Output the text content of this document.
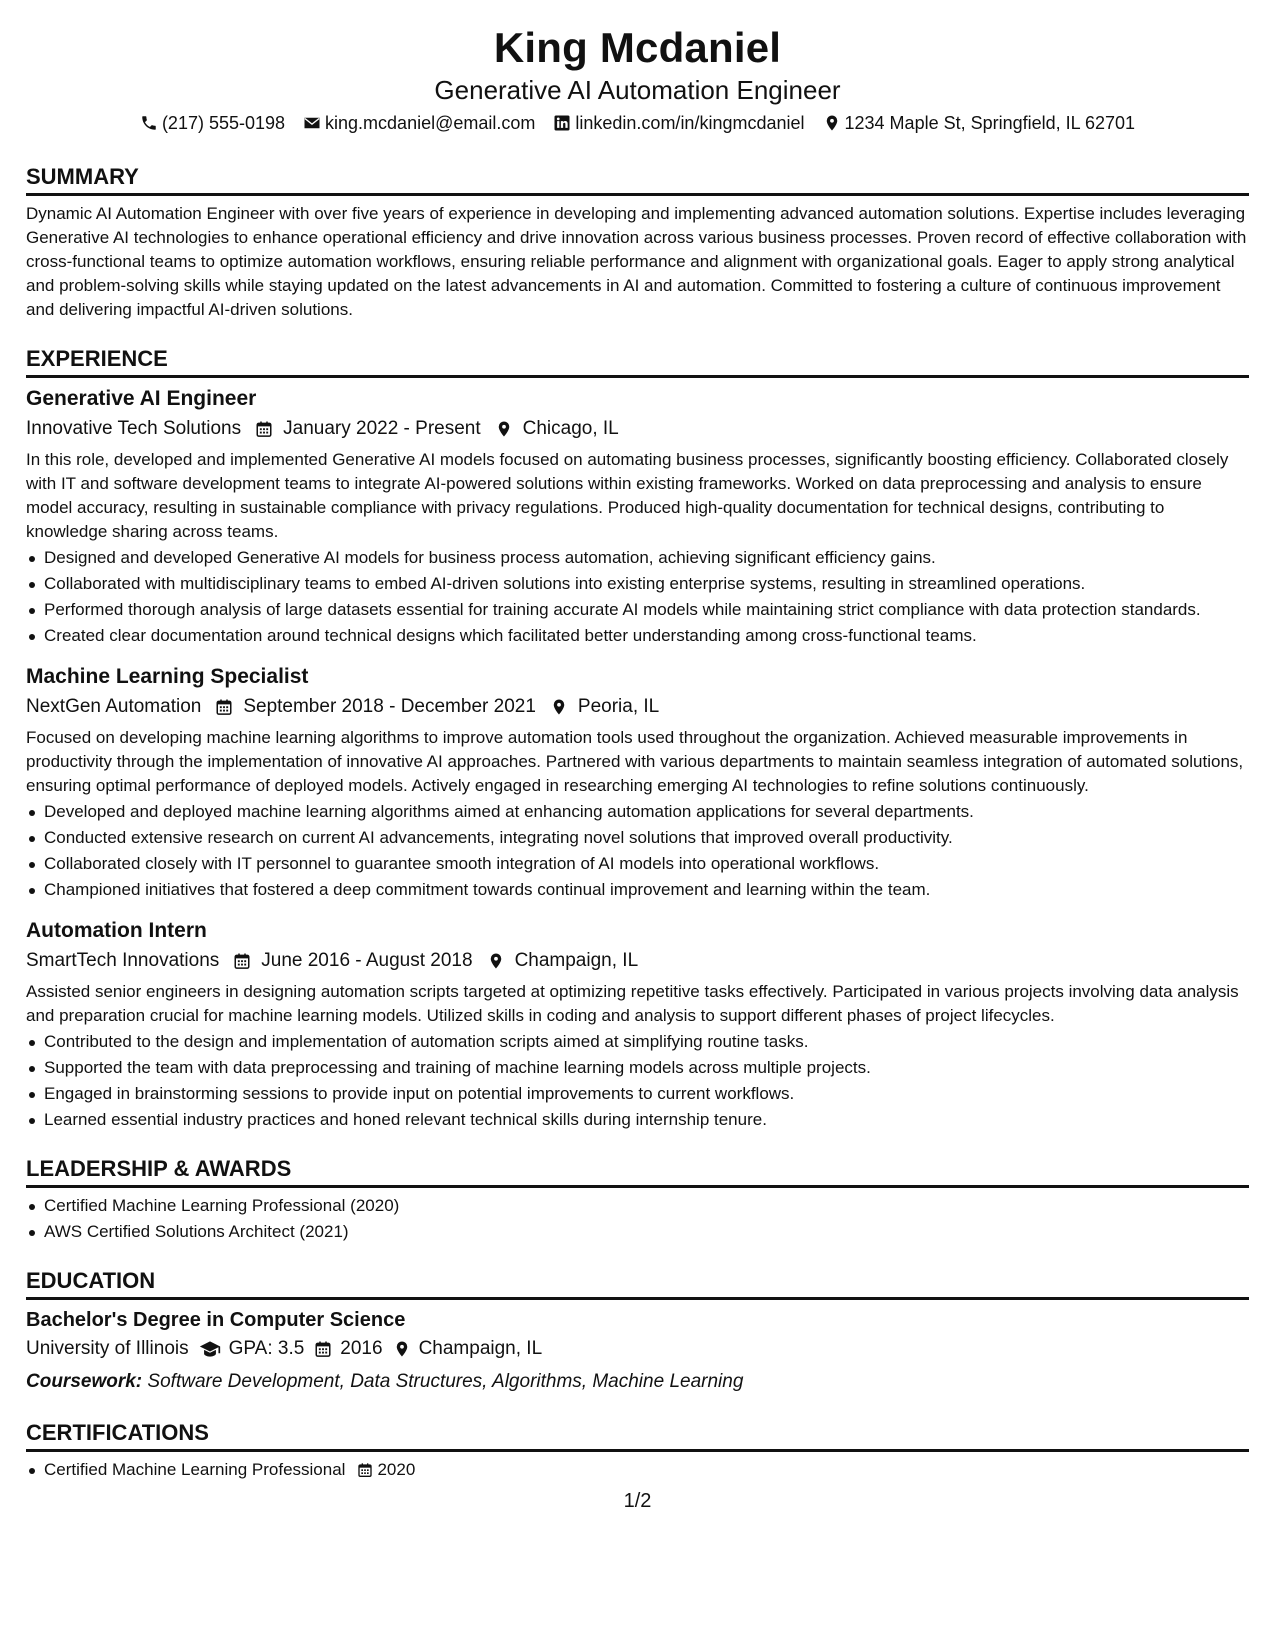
King Mcdaniel
Generative AI Automation Engineer
(217) 555-0198 king.mcdaniel@email.com linkedin.com/in/kingmcdaniel 1234 Maple St, Springfield, IL 62701
SUMMARY

Dynamic AI Automation Engineer with over five years of experience in developing and implementing advanced automation solutions. Expertise includes leveraging Generative AI technologies to enhance operational efficiency and drive innovation across various business processes. Proven record of effective collaboration with cross-functional teams to optimize automation workflows, ensuring reliable performance and alignment with organizational goals. Eager to apply strong analytical and problem-solving skills while staying updated on the latest advancements in AI and automation. Committed to fostering a culture of continuous improvement and delivering impactful AI-driven solutions.

EXPERIENCE
Generative AI Engineer
Innovative Tech Solutions January 2022 - Present Chicago, IL

In this role, developed and implemented Generative AI models focused on automating business processes, significantly boosting efficiency. Collaborated closely with IT and software development teams to integrate AI-powered solutions within existing frameworks. Worked on data preprocessing and analysis to ensure model accuracy, resulting in sustainable compliance with privacy regulations. Produced high-quality documentation for technical designs, contributing to knowledge sharing across teams.

Designed and developed Generative AI models for business process automation, achieving significant efficiency gains.
Collaborated with multidisciplinary teams to embed AI-driven solutions into existing enterprise systems, resulting in streamlined operations.
Performed thorough analysis of large datasets essential for training accurate AI models while maintaining strict compliance with data protection standards.
Created clear documentation around technical designs which facilitated better understanding among cross-functional teams.
Machine Learning Specialist
NextGen Automation September 2018 - December 2021 Peoria, IL

Focused on developing machine learning algorithms to improve automation tools used throughout the organization. Achieved measurable improvements in productivity through the implementation of innovative AI approaches. Partnered with various departments to maintain seamless integration of automated solutions, ensuring optimal performance of deployed models. Actively engaged in researching emerging AI technologies to refine solutions continuously.

Developed and deployed machine learning algorithms aimed at enhancing automation applications for several departments.
Conducted extensive research on current AI advancements, integrating novel solutions that improved overall productivity.
Collaborated closely with IT personnel to guarantee smooth integration of AI models into operational workflows.
Championed initiatives that fostered a deep commitment towards continual improvement and learning within the team.
Automation Intern
SmartTech Innovations June 2016 - August 2018 Champaign, IL

Assisted senior engineers in designing automation scripts targeted at optimizing repetitive tasks effectively. Participated in various projects involving data analysis and preparation crucial for machine learning models. Utilized skills in coding and analysis to support different phases of project lifecycles.

Contributed to the design and implementation of automation scripts aimed at simplifying routine tasks.
Supported the team with data preprocessing and training of machine learning models across multiple projects.
Engaged in brainstorming sessions to provide input on potential improvements to current workflows.
Learned essential industry practices and honed relevant technical skills during internship tenure.
LEADERSHIP & AWARDS
Certified Machine Learning Professional (2020)
AWS Certified Solutions Architect (2021)
EDUCATION
Bachelor's Degree in Computer Science
University of Illinois GPA: 3.5 2016 Champaign, IL
Coursework: Software Development, Data Structures, Algorithms, Machine Learning
CERTIFICATIONS
Certified Machine Learning Professional 2020
1/2
